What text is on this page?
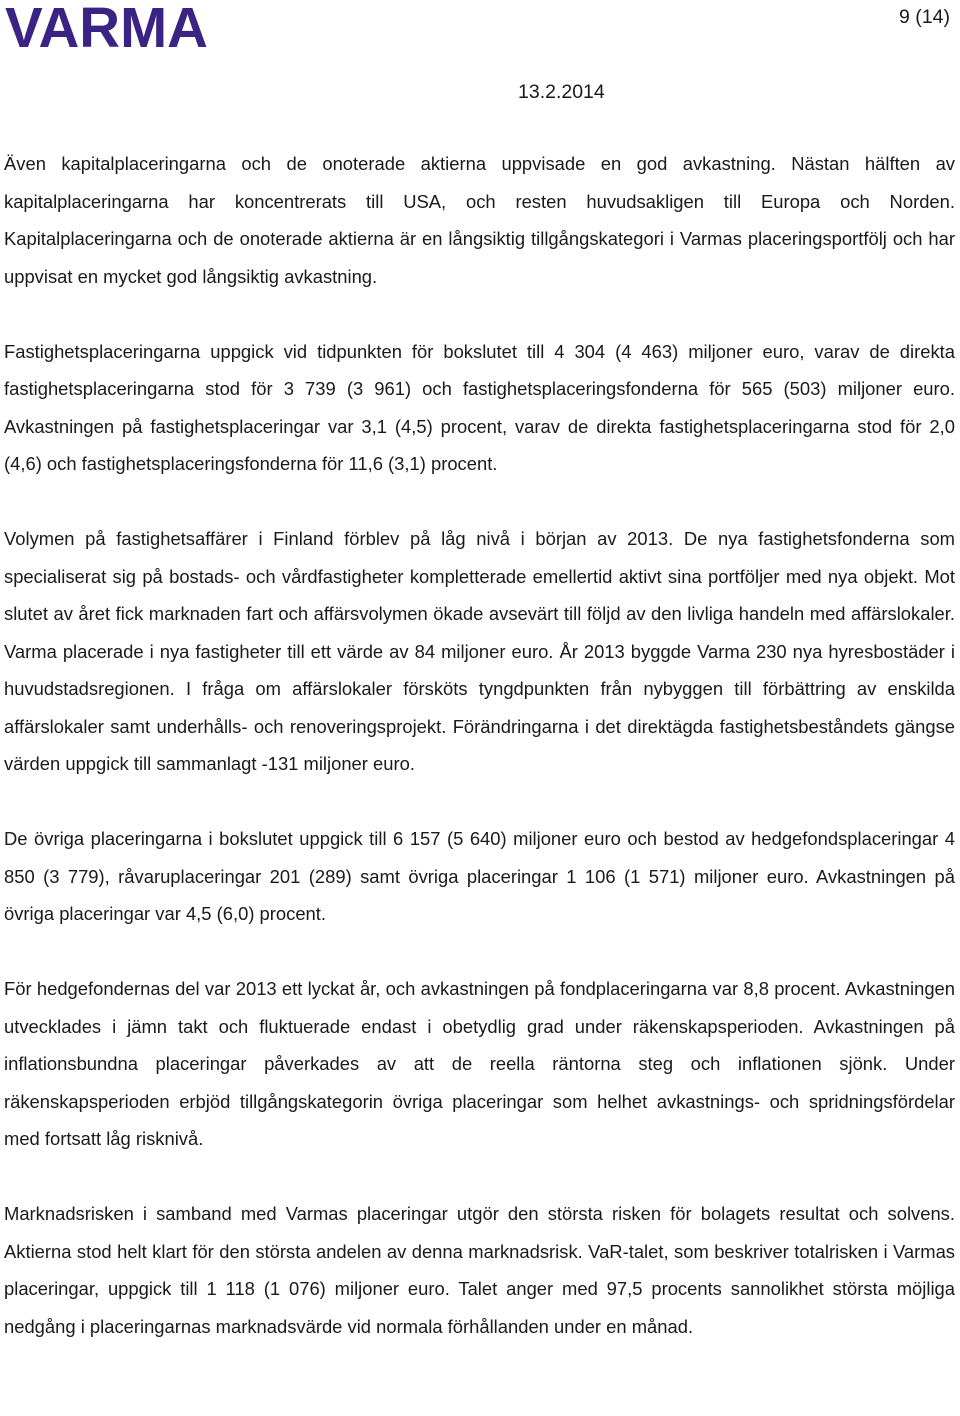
VARMA	9 (14)
13.2.2014

Även kapitalplaceringarna och de onoterade aktierna uppvisade en god avkastning. Nästan hälften av kapitalplaceringarna har koncentrerats till USA, och resten huvudsakligen till Europa och Norden. Kapitalplaceringarna och de onoterade aktierna är en långsiktig tillgångskategori i Varmas placeringsportfölj och har uppvisat en mycket god långsiktig avkastning.

Fastighetsplaceringarna uppgick vid tidpunkten för bokslutet till 4 304 (4 463) miljoner euro, varav de direkta fastighetsplaceringarna stod för 3 739 (3 961) och fastighetsplaceringsfonderna för 565 (503) miljoner euro. Avkastningen på fastighetsplaceringar var 3,1 (4,5) procent, varav de direkta fastighetsplaceringarna stod för 2,0 (4,6) och fastighetsplaceringsfonderna för 11,6 (3,1) procent.

Volymen på fastighetsaffärer i Finland förblev på låg nivå i början av 2013. De nya fastighetsfonderna som specialiserat sig på bostads- och vårdfastigheter kompletterade emellertid aktivt sina portföljer med nya objekt. Mot slutet av året fick marknaden fart och affärsvolymen ökade avsevärt till följd av den livliga handeln med affärslokaler. Varma placerade i nya fastigheter till ett värde av 84 miljoner euro. År 2013 byggde Varma 230 nya hyresbostäder i huvudstadsregionen. I fråga om affärslokaler försköts tyngdpunkten från nybyggen till förbättring av enskilda affärslokaler samt underhålls- och renoveringsprojekt. Förändringarna i det direktägda fastighetsbeståndets gängse värden uppgick till sammanlagt -131 miljoner euro.

De övriga placeringarna i bokslutet uppgick till 6 157 (5 640) miljoner euro och bestod av hedgefondsplaceringar 4 850 (3 779), råvaruplaceringar 201 (289) samt övriga placeringar 1 106 (1 571) miljoner euro. Avkastningen på övriga placeringar var 4,5 (6,0) procent.

För hedgefondernas del var 2013 ett lyckat år, och avkastningen på fondplaceringarna var 8,8 procent. Avkastningen utvecklades i jämn takt och fluktuerade endast i obetydlig grad under räkenskapsperioden. Avkastningen på inflationsbundna placeringar påverkades av att de reella räntorna steg och inflationen sjönk. Under räkenskapsperioden erbjöd tillgångskategorin övriga placeringar som helhet avkastnings- och spridningsfördelar med fortsatt låg risknivå.

Marknadsrisken i samband med Varmas placeringar utgör den största risken för bolagets resultat och solvens. Aktierna stod helt klart för den största andelen av denna marknadsrisk. VaR-talet, som beskriver totalrisken i Varmas placeringar, uppgick till 1 118 (1 076) miljoner euro. Talet anger med 97,5 procents sannolikhet största möjliga nedgång i placeringarnas marknadsvärde vid normala förhållanden under en månad.
